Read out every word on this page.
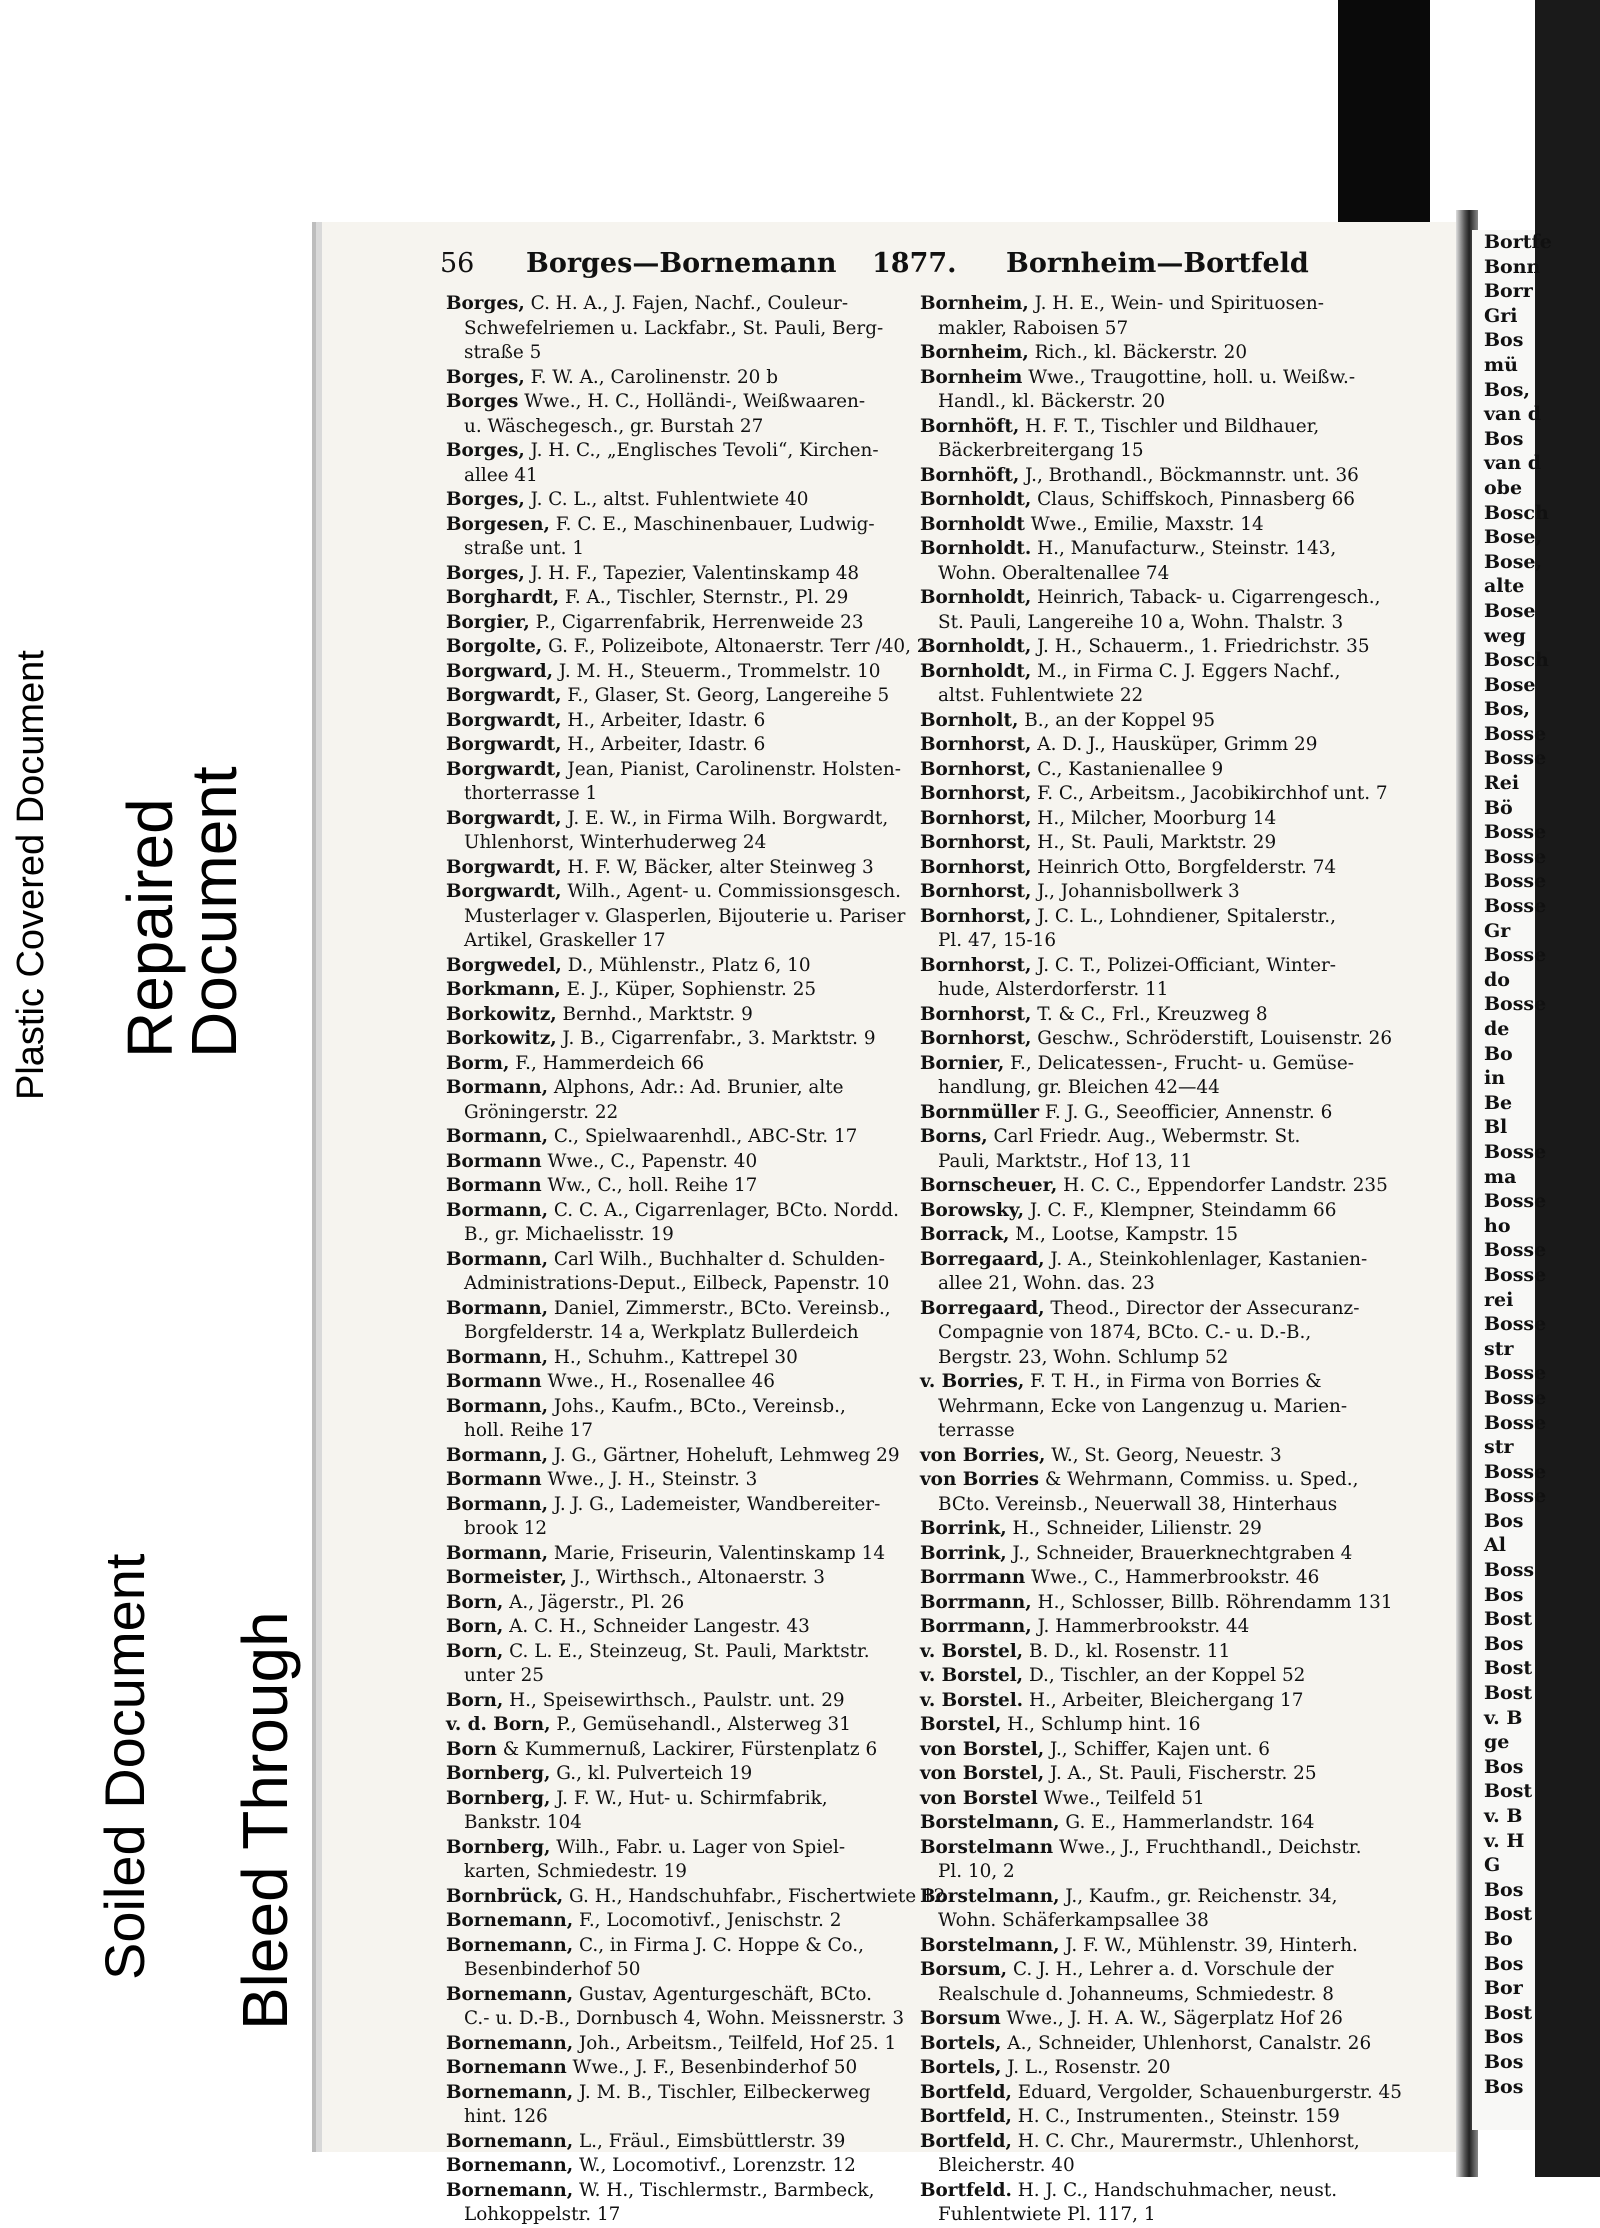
Plastic Covered Document Repaired
Document
Soiled Document Bleed Through
Bortfe
Bonn
Borr
Gri
Bos
mü
Bos,
van d
Bos
van d
obe
Bosch
Bose,
Bose,
alte
Bose
weg
Bosch
Bose
Bos,
Bosse
Bosse
Rei
Bö
Bosse
Bosse
Bosse
Bosse
Gr
Bosse
do
Bosse
de
Bo
in
Be
Bl
Bosse
ma
Bosse
ho
Bosse
Bosse
rei
Bosse
str
Bosse
Bosse
Bosse
str
Bosse
Bosse
Bos
Al
Boss
Bos
Bost
Bos
Bost
Bost
v. B
ge
Bos
Bost
v. B
v. H
G
Bos
Bost
Bo
Bos
Bor
Bost
Bos
Bos
Bos
56 Borges—Bornemann 1877. Bornheim—Bortfeld
Borges, C. H. A., J. Fajen, Nachf., Couleur-
Schwefelriemen u. Lackfabr., St. Pauli, Berg-
straße 5
Borges, F. W. A., Carolinenstr. 20 b
Borges Wwe., H. C., Holländi-, Weißwaaren-
u. Wäschegesch., gr. Burstah 27
Borges, J. H. C., „Englisches Tevoli“, Kirchen-
allee 41
Borges, J. C. L., altst. Fuhlentwiete 40
Borgesen, F. C. E., Maschinenbauer, Ludwig-
straße unt. 1
Borges, J. H. F., Tapezier, Valentinskamp 48
Borghardt, F. A., Tischler, Sternstr., Pl. 29
Borgier, P., Cigarrenfabrik, Herrenweide 23
Borgolte, G. F., Polizeibote, Altonaerstr. Terr /40, 2
Borgward, J. M. H., Steuerm., Trommelstr. 10
Borgwardt, F., Glaser, St. Georg, Langereihe 5
Borgwardt, H., Arbeiter, Idastr. 6
Borgwardt, H., Arbeiter, Idastr. 6
Borgwardt, Jean, Pianist, Carolinenstr. Holsten-
thorterrasse 1
Borgwardt, J. E. W., in Firma Wilh. Borgwardt,
Uhlenhorst, Winterhuderweg 24
Borgwardt, H. F. W, Bäcker, alter Steinweg 3
Borgwardt, Wilh., Agent- u. Commissionsgesch.
Musterlager v. Glasperlen, Bijouterie u. Pariser
Artikel, Graskeller 17
Borgwedel, D., Mühlenstr., Platz 6, 10
Borkmann, E. J., Küper, Sophienstr. 25
Borkowitz, Bernhd., Marktstr. 9
Borkowitz, J. B., Cigarrenfabr., 3. Marktstr. 9
Borm, F., Hammerdeich 66
Bormann, Alphons, Adr.: Ad. Brunier, alte
Gröningerstr. 22
Bormann, C., Spielwaarenhdl., ABC-Str. 17
Bormann Wwe., C., Papenstr. 40
Bormann Ww., C., holl. Reihe 17
Bormann, C. C. A., Cigarrenlager, BCto. Nordd.
B., gr. Michaelisstr. 19
Bormann, Carl Wilh., Buchhalter d. Schulden-
Administrations-Deput., Eilbeck, Papenstr. 10
Bormann, Daniel, Zimmerstr., BCto. Vereinsb.,
Borgfelderstr. 14 a, Werkplatz Bullerdeich
Bormann, H., Schuhm., Kattrepel 30
Bormann Wwe., H., Rosenallee 46
Bormann, Johs., Kaufm., BCto., Vereinsb.,
holl. Reihe 17
Bormann, J. G., Gärtner, Hoheluft, Lehmweg 29
Bormann Wwe., J. H., Steinstr. 3
Bormann, J. J. G., Lademeister, Wandbereiter-
brook 12
Bormann, Marie, Friseurin, Valentinskamp 14
Bormeister, J., Wirthsch., Altonaerstr. 3
Born, A., Jägerstr., Pl. 26
Born, A. C. H., Schneider Langestr. 43
Born, C. L. E., Steinzeug, St. Pauli, Marktstr.
unter 25
Born, H., Speisewirthsch., Paulstr. unt. 29
v. d. Born, P., Gemüsehandl., Alsterweg 31
Born & Kummernuß, Lackirer, Fürstenplatz 6
Bornberg, G., kl. Pulverteich 19
Bornberg, J. F. W., Hut- u. Schirmfabrik,
Bankstr. 104
Bornberg, Wilh., Fabr. u. Lager von Spiel-
karten, Schmiedestr. 19
Bornbrück, G. H., Handschuhfabr., Fischertwiete 12
Bornemann, F., Locomotivf., Jenischstr. 2
Bornemann, C., in Firma J. C. Hoppe & Co.,
Besenbinderhof 50
Bornemann, Gustav, Agenturgeschäft, BCto.
C.- u. D.-B., Dornbusch 4, Wohn. Meissnerstr. 3
Bornemann, Joh., Arbeitsm., Teilfeld, Hof 25. 1
Bornemann Wwe., J. F., Besenbinderhof 50
Bornemann, J. M. B., Tischler, Eilbeckerweg
hint. 126
Bornemann, L., Fräul., Eimsbüttlerstr. 39
Bornemann, W., Locomotivf., Lorenzstr. 12
Bornemann, W. H., Tischlermstr., Barmbeck,
Lohkoppelstr. 17
Bornheim, J. H. E., Wein- und Spirituosen-
makler, Raboisen 57
Bornheim, Rich., kl. Bäckerstr. 20
Bornheim Wwe., Traugottine, holl. u. Weißw.-
Handl., kl. Bäckerstr. 20
Bornhöft, H. F. T., Tischler und Bildhauer,
Bäckerbreitergang 15
Bornhöft, J., Brothandl., Böckmannstr. unt. 36
Bornholdt, Claus, Schiffskoch, Pinnasberg 66
Bornholdt Wwe., Emilie, Maxstr. 14
Bornholdt. H., Manufacturw., Steinstr. 143,
Wohn. Oberaltenallee 74
Bornholdt, Heinrich, Taback- u. Cigarrengesch.,
St. Pauli, Langereihe 10 a, Wohn. Thalstr. 3
Bornholdt, J. H., Schauerm., 1. Friedrichstr. 35
Bornholdt, M., in Firma C. J. Eggers Nachf.,
altst. Fuhlentwiete 22
Bornholt, B., an der Koppel 95
Bornhorst, A. D. J., Hausküper, Grimm 29
Bornhorst, C., Kastanienallee 9
Bornhorst, F. C., Arbeitsm., Jacobikirchhof unt. 7
Bornhorst, H., Milcher, Moorburg 14
Bornhorst, H., St. Pauli, Marktstr. 29
Bornhorst, Heinrich Otto, Borgfelderstr. 74
Bornhorst, J., Johannisbollwerk 3
Bornhorst, J. C. L., Lohndiener, Spitalerstr.,
Pl. 47, 15-16
Bornhorst, J. C. T., Polizei-Officiant, Winter-
hude, Alsterdorferstr. 11
Bornhorst, T. & C., Frl., Kreuzweg 8
Bornhorst, Geschw., Schröderstift, Louisenstr. 26
Bornier, F., Delicatessen-, Frucht- u. Gemüse-
handlung, gr. Bleichen 42—44
Bornmüller F. J. G., Seeofficier, Annenstr. 6
Borns, Carl Friedr. Aug., Webermstr. St.
Pauli, Marktstr., Hof 13, 11
Bornscheuer, H. C. C., Eppendorfer Landstr. 235
Borowsky, J. C. F., Klempner, Steindamm 66
Borrack, M., Lootse, Kampstr. 15
Borregaard, J. A., Steinkohlenlager, Kastanien-
allee 21, Wohn. das. 23
Borregaard, Theod., Director der Assecuranz-
Compagnie von 1874, BCto. C.- u. D.-B.,
Bergstr. 23, Wohn. Schlump 52
v. Borries, F. T. H., in Firma von Borries &
Wehrmann, Ecke von Langenzug u. Marien-
terrasse
von Borries, W., St. Georg, Neuestr. 3
von Borries & Wehrmann, Commiss. u. Sped.,
BCto. Vereinsb., Neuerwall 38, Hinterhaus
Borrink, H., Schneider, Lilienstr. 29
Borrink, J., Schneider, Brauerknechtgraben 4
Borrmann Wwe., C., Hammerbrookstr. 46
Borrmann, H., Schlosser, Billb. Röhrendamm 131
Borrmann, J. Hammerbrookstr. 44
v. Borstel, B. D., kl. Rosenstr. 11
v. Borstel, D., Tischler, an der Koppel 52
v. Borstel. H., Arbeiter, Bleichergang 17
Borstel, H., Schlump hint. 16
von Borstel, J., Schiffer, Kajen unt. 6
von Borstel, J. A., St. Pauli, Fischerstr. 25
von Borstel Wwe., Teilfeld 51
Borstelmann, G. E., Hammerlandstr. 164
Borstelmann Wwe., J., Fruchthandl., Deichstr.
Pl. 10, 2
Borstelmann, J., Kaufm., gr. Reichenstr. 34,
Wohn. Schäferkampsallee 38
Borstelmann, J. F. W., Mühlenstr. 39, Hinterh.
Borsum, C. J. H., Lehrer a. d. Vorschule der
Realschule d. Johanneums, Schmiedestr. 8
Borsum Wwe., J. H. A. W., Sägerplatz Hof 26
Bortels, A., Schneider, Uhlenhorst, Canalstr. 26
Bortels, J. L., Rosenstr. 20
Bortfeld, Eduard, Vergolder, Schauenburgerstr. 45
Bortfeld, H. C., Instrumenten., Steinstr. 159
Bortfeld, H. C. Chr., Maurermstr., Uhlenhorst,
Bleicherstr. 40
Bortfeld. H. J. C., Handschuhmacher, neust.
Fuhlentwiete Pl. 117, 1
